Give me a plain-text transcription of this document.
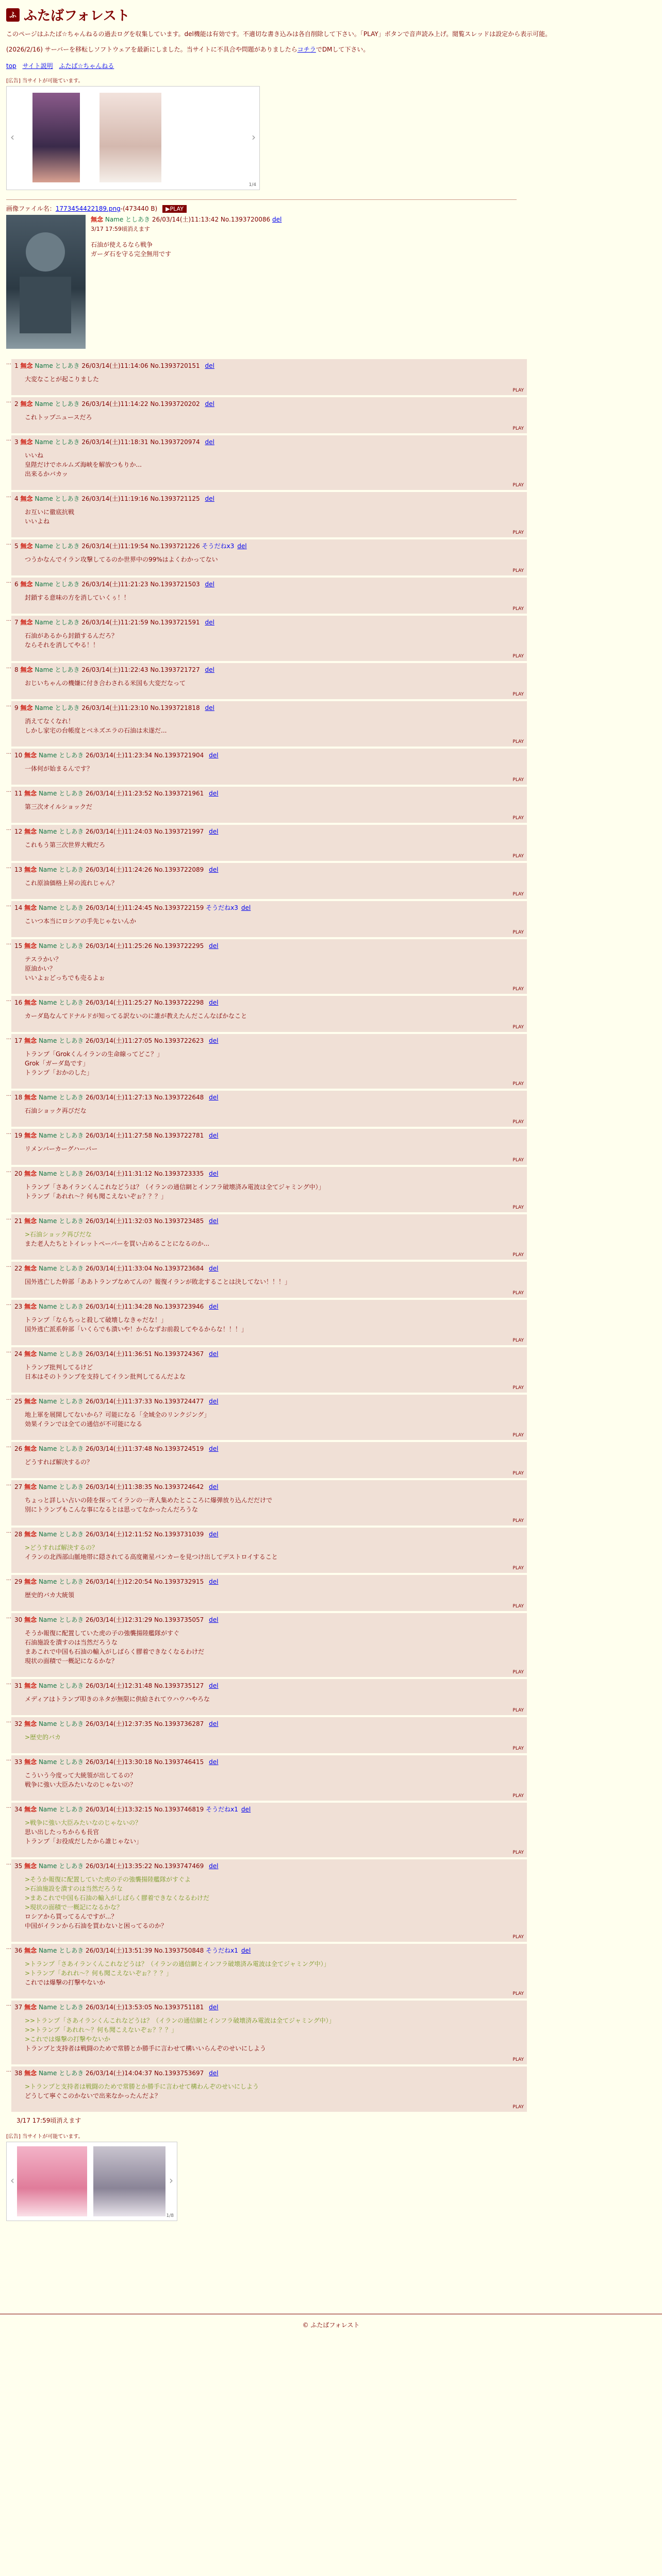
ふ ふたばフォレスト

このページはふたば☆ちゃんねるの過去ログを収集しています。del機能は有効です。不適切な書き込みは各自削除して下さい。「PLAY」ボタンで音声読み上げ。閲覧スレッドは設定から表示可能。

(2026/2/16) サーバーを移転しソフトウェアを最新にしました。当サイトに不具合や問題がありましたらコチラでDMして下さい。

top サイト説明 ふたば☆ちゃんねる
[広告] 当サイトが可能ています。
‹	›
1/4
画像ファイル名：1773454422189.png-(473440 B) ▶PLAY
無念 Name としあき 26/03/14(土)11:13:42 No.1393720086 del
3/17 17:59頃消えます
石油が使えるなら戦争
ガーダ石を守る完全無用です
… 1 無念 Name としあき 26/03/14(土)11:14:06 No.1393720151 del
大変なことが起こりました
PLAY
… 2 無念 Name としあき 26/03/14(土)11:14:22 No.1393720202 del
これトップニュースだろ
PLAY
… 3 無念 Name としあき 26/03/14(土)11:18:31 No.1393720974 del
いいね
皇陛だけでホルムズ海峡を解放つもりか...
出来るかバカッ
PLAY
… 4 無念 Name としあき 26/03/14(土)11:19:16 No.1393721125 del
お互いに徹底抗戦
いいよね
PLAY
… 5 無念 Name としあき 26/03/14(土)11:19:54 No.1393721226 そうだねx3 del
つうかなんでイラン攻撃してるのか世界中の99%はよくわかってない
PLAY
… 6 無念 Name としあき 26/03/14(土)11:21:23 No.1393721503 del
封鎖する意味の方を消していくぅ！！
PLAY
… 7 無念 Name としあき 26/03/14(土)11:21:59 No.1393721591 del
石油があるから封鎖するんだろ？
ならそれを消してやる！！
PLAY
… 8 無念 Name としあき 26/03/14(土)11:22:43 No.1393721727 del
おじいちゃんの機嫌に付き合わされる米国も大変だなって
PLAY
… 9 無念 Name としあき 26/03/14(土)11:23:10 No.1393721818 del
消えてなくなれ！
しかし家宅の台帳度とベネズエラの石油は未遂だ...
PLAY
… 10 無念 Name としあき 26/03/14(土)11:23:34 No.1393721904 del
一体何が始まるんです？
PLAY
… 11 無念 Name としあき 26/03/14(土)11:23:52 No.1393721961 del
第三次オイルショックだ
PLAY
… 12 無念 Name としあき 26/03/14(土)11:24:03 No.1393721997 del
これもう第三次世界大戦だろ
PLAY
… 13 無念 Name としあき 26/03/14(土)11:24:26 No.1393722089 del
これ原油価格上昇の流れじゃん？
PLAY
… 14 無念 Name としあき 26/03/14(土)11:24:45 No.1393722159 そうだねx3 del
こいつ本当にロシアの手先じゃないんか
PLAY
… 15 無念 Name としあき 26/03/14(土)11:25:26 No.1393722295 del
テスラかい？
原油かい？
いいよぉどっちでも売るよぉ
PLAY
… 16 無念 Name としあき 26/03/14(土)11:25:27 No.1393722298 del
カーダ島なんてドナルドが知ってる訳ないのに誰が教えたんだこんなばかなこと
PLAY
… 17 無念 Name としあき 26/03/14(土)11:27:05 No.1393722623 del
トランプ「Grokくんイランの生命線ってどこ？」
Grok「ガーダ島です」
トランプ「おかのした」
PLAY
… 18 無念 Name としあき 26/03/14(土)11:27:13 No.1393722648 del
石油ショック再びだな
PLAY
… 19 無念 Name としあき 26/03/14(土)11:27:58 No.1393722781 del
リメンバーカーグハーバー
PLAY
… 20 無念 Name としあき 26/03/14(土)11:31:12 No.1393723335 del
トランプ「さあイランくんこれなどうは？（イランの通信網とインフラ破壊済み電波は全てジャミング中）」
トランプ「あれれ～？何も聞こえないぞぉ？？？」
PLAY
… 21 無念 Name としあき 26/03/14(土)11:32:03 No.1393723485 del
>石油ショック再びだな
また老人たちとトイレットペーパーを買い占めることになるのか...
PLAY
… 22 無念 Name としあき 26/03/14(土)11:33:04 No.1393723684 del
国外逃亡した幹部「ああトランプなめてんの？報復イランが敗北することは決してない！！！」
PLAY
… 23 無念 Name としあき 26/03/14(土)11:34:28 No.1393723946 del
トランプ「ならちっと殺して破壊しなきゃだな！」
国外逃亡派系幹部「いくらでも潰いや！からなずお前殺してやるからな！！！」
PLAY
… 24 無念 Name としあき 26/03/14(土)11:36:51 No.1393724367 del
トランプ批判してるけど
日本はそのトランプを支持してイラン批判してるんだよな
PLAY
… 25 無念 Name としあき 26/03/14(土)11:37:33 No.1393724477 del
地上軍を展開してないから？可能になる「全域全のリンクジング」
効果イランでは全ての通信が不可能になる
PLAY
… 26 無念 Name としあき 26/03/14(土)11:37:48 No.1393724519 del
どうすれば解決するの？
PLAY
… 27 無念 Name としあき 26/03/14(土)11:38:35 No.1393724642 del
ちょっと詳しい占いの陸を探ってイランの一斉人集めたとこころに爆弾放り込んだだけで
別にトランプもこんな事になるとは思ってなかったんだろうな
PLAY
… 28 無念 Name としあき 26/03/14(土)12:11:52 No.1393731039 del
>どうすれば解決するの？
イランの北西部山脈地帯に隠されてる高度衛星バンカーを見つけ出してデストロイすること
PLAY
… 29 無念 Name としあき 26/03/14(土)12:20:54 No.1393732915 del
歴史的バカ大統領
PLAY
… 30 無念 Name としあき 26/03/14(土)12:31:29 No.1393735057 del
そうか報復に配置していた虎の子の強襲揚陸艦隊がすぐ
石油施設を潰すのは当然だろうな
まあこれで中国も石油の輸入がしばらく膠着できなくなるわけだ
現状の面積で一概記になるかな？
PLAY
… 31 無念 Name としあき 26/03/14(土)12:31:48 No.1393735127 del
メディアはトランプ叩きのネタが無限に供給されてウハウハやろな
PLAY
… 32 無念 Name としあき 26/03/14(土)12:37:35 No.1393736287 del
>歴史的バカ
PLAY
… 33 無念 Name としあき 26/03/14(土)13:30:18 No.1393746415 del
こういう今度って大統領が出してるの？
戦争に強い大臣みたいなのじゃないの？
PLAY
… 34 無念 Name としあき 26/03/14(土)13:32:15 No.1393746819 そうだねx1 del
>戦争に強い大臣みたいなのじゃないの？
思い出したっちからも長官
トランプ「お役成だしたから誰じゃない」
PLAY
… 35 無念 Name としあき 26/03/14(土)13:35:22 No.1393747469 del
>そうか報復に配置していた虎の子の強襲揚陸艦隊がすぐよ
>石油施設を潰すのは当然だろうな
>まあこれで中国も石油の輸入がしばらく膠着できなくなるわけだ
>現状の面積で一概記になるかな？
ロシアから買ってるんですが...？
中国がイランから石油を買わないと困ってるのか？
PLAY
… 36 無念 Name としあき 26/03/14(土)13:51:39 No.1393750848 そうだねx1 del
>トランプ「さあイランくんこれなどうは？（イランの通信網とインフラ破壊済み電波は全てジャミング中）」
>トランプ「あれれ～？何も聞こえないぞぉ？？？」
これでは爆撃の打撃やないか
PLAY
… 37 無念 Name としあき 26/03/14(土)13:53:05 No.1393751181 del
>>トランプ「さあイランくんこれなどうは？（イランの通信網とインフラ破壊済み電波は全てジャミング中）」
>>トランプ「あれれ～？何も聞こえないぞぉ？？？」
>これでは爆撃の打撃やないか
トランプと支持者は戦闘のためで常勝とか勝手に言わせて構いいらんぞのせいにしよう
PLAY
… 38 無念 Name としあき 26/03/14(土)14:04:37 No.1393753697 del
>トランプと支持者は戦闘のためで常勝とか勝手に言わせて構わんぞのせいにしよう
どうして寧ぐこのかないで出来なかったんだよ？
PLAY
3/17 17:59頃消えます
[広告] 当サイトが可能ています。
‹	›
1/8
© ふたばフォレスト
